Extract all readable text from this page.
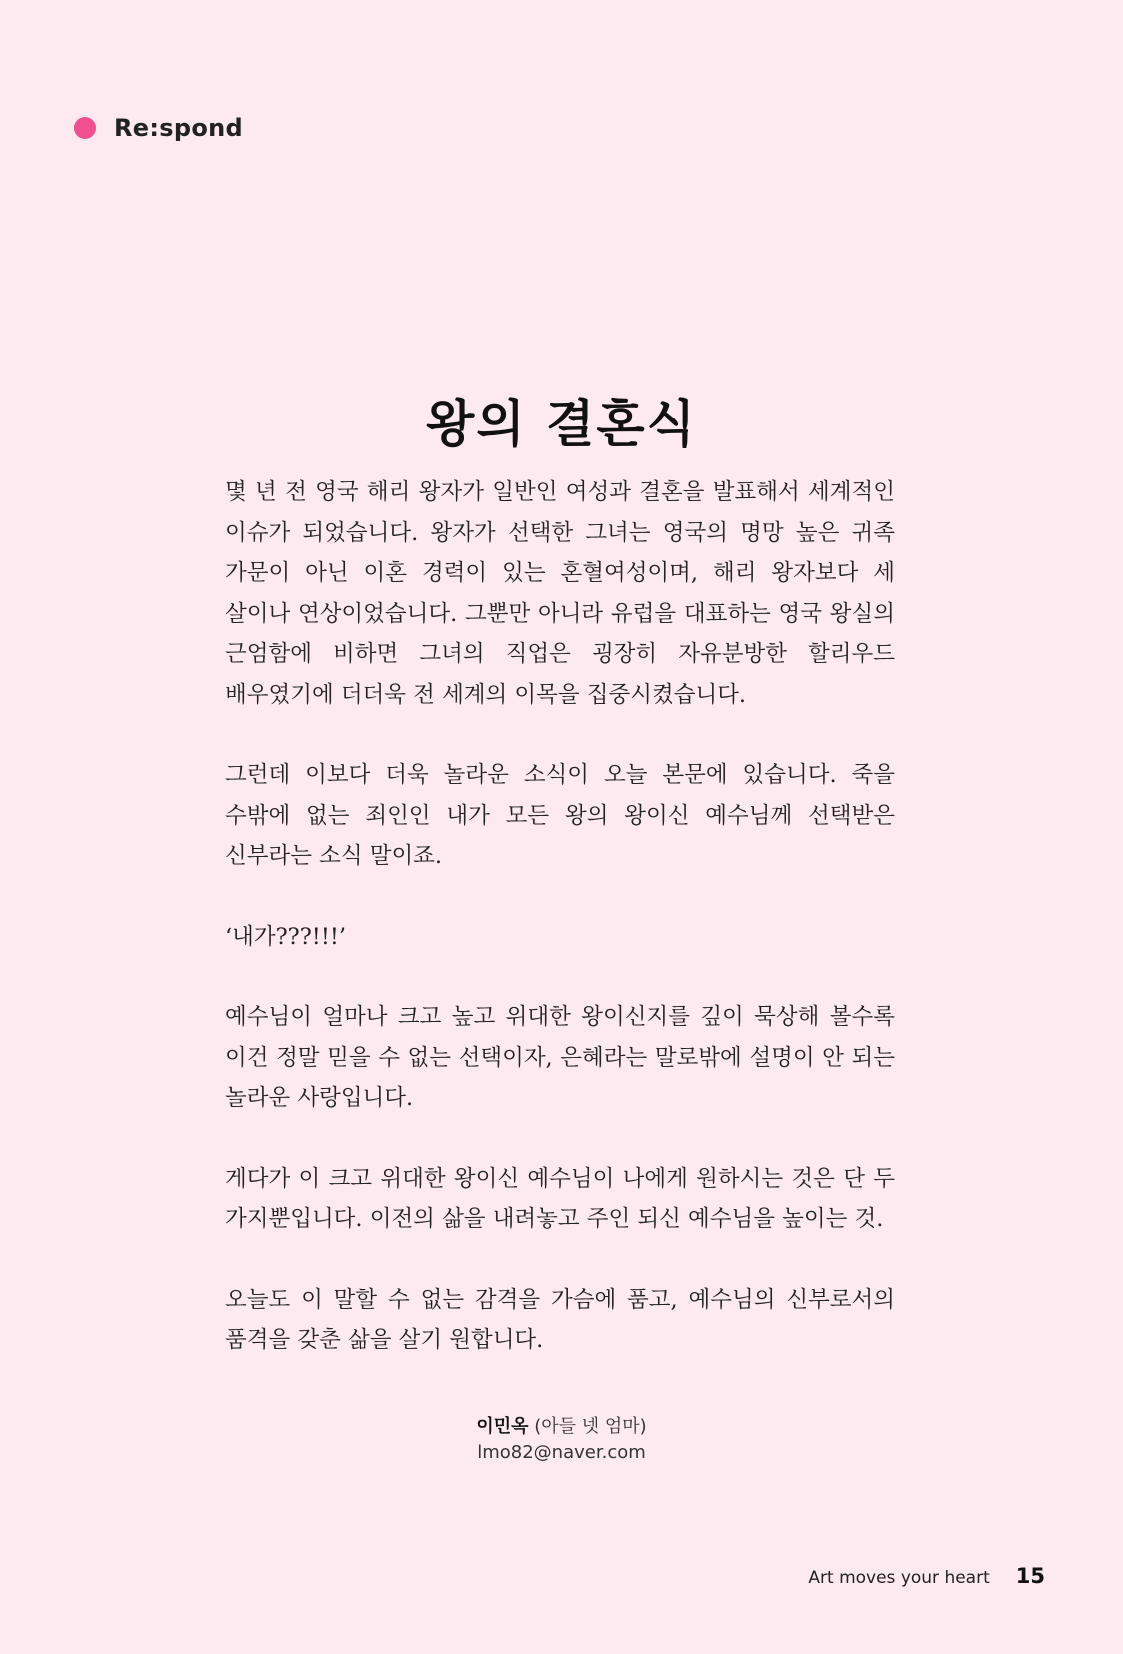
Re:spond
왕의 결혼식

몇 년 전 영국 해리 왕자가 일반인 여성과 결혼을 발표해서 세계적인 이슈가 되었습니다. 왕자가 선택한 그녀는 영국의 명망 높은 귀족 가문이 아닌 이혼 경력이 있는 혼혈여성이며, 해리 왕자보다 세 살이나 연상이었습니다. 그뿐만 아니라 유럽을 대표하는 영국 왕실의 근엄함에 비하면 그녀의 직업은 굉장히 자유분방한 할리우드 배우였기에 더더욱 전 세계의 이목을 집중시켰습니다.

그런데 이보다 더욱 놀라운 소식이 오늘 본문에 있습니다. 죽을 수밖에 없는 죄인인 내가 모든 왕의 왕이신 예수님께 선택받은 신부라는 소식 말이죠.

‘내가???!!!’

예수님이 얼마나 크고 높고 위대한 왕이신지를 깊이 묵상해 볼수록 이건 정말 믿을 수 없는 선택이자, 은혜라는 말로밖에 설명이 안 되는 놀라운 사랑입니다.

게다가 이 크고 위대한 왕이신 예수님이 나에게 원하시는 것은 단 두 가지뿐입니다. 이전의 삶을 내려놓고 주인 되신 예수님을 높이는 것.

오늘도 이 말할 수 없는 감격을 가슴에 품고, 예수님의 신부로서의 품격을 갖춘 삶을 살기 원합니다.

이민옥 (아들 넷 엄마)
lmo82@naver.com
Art moves your heart 15
